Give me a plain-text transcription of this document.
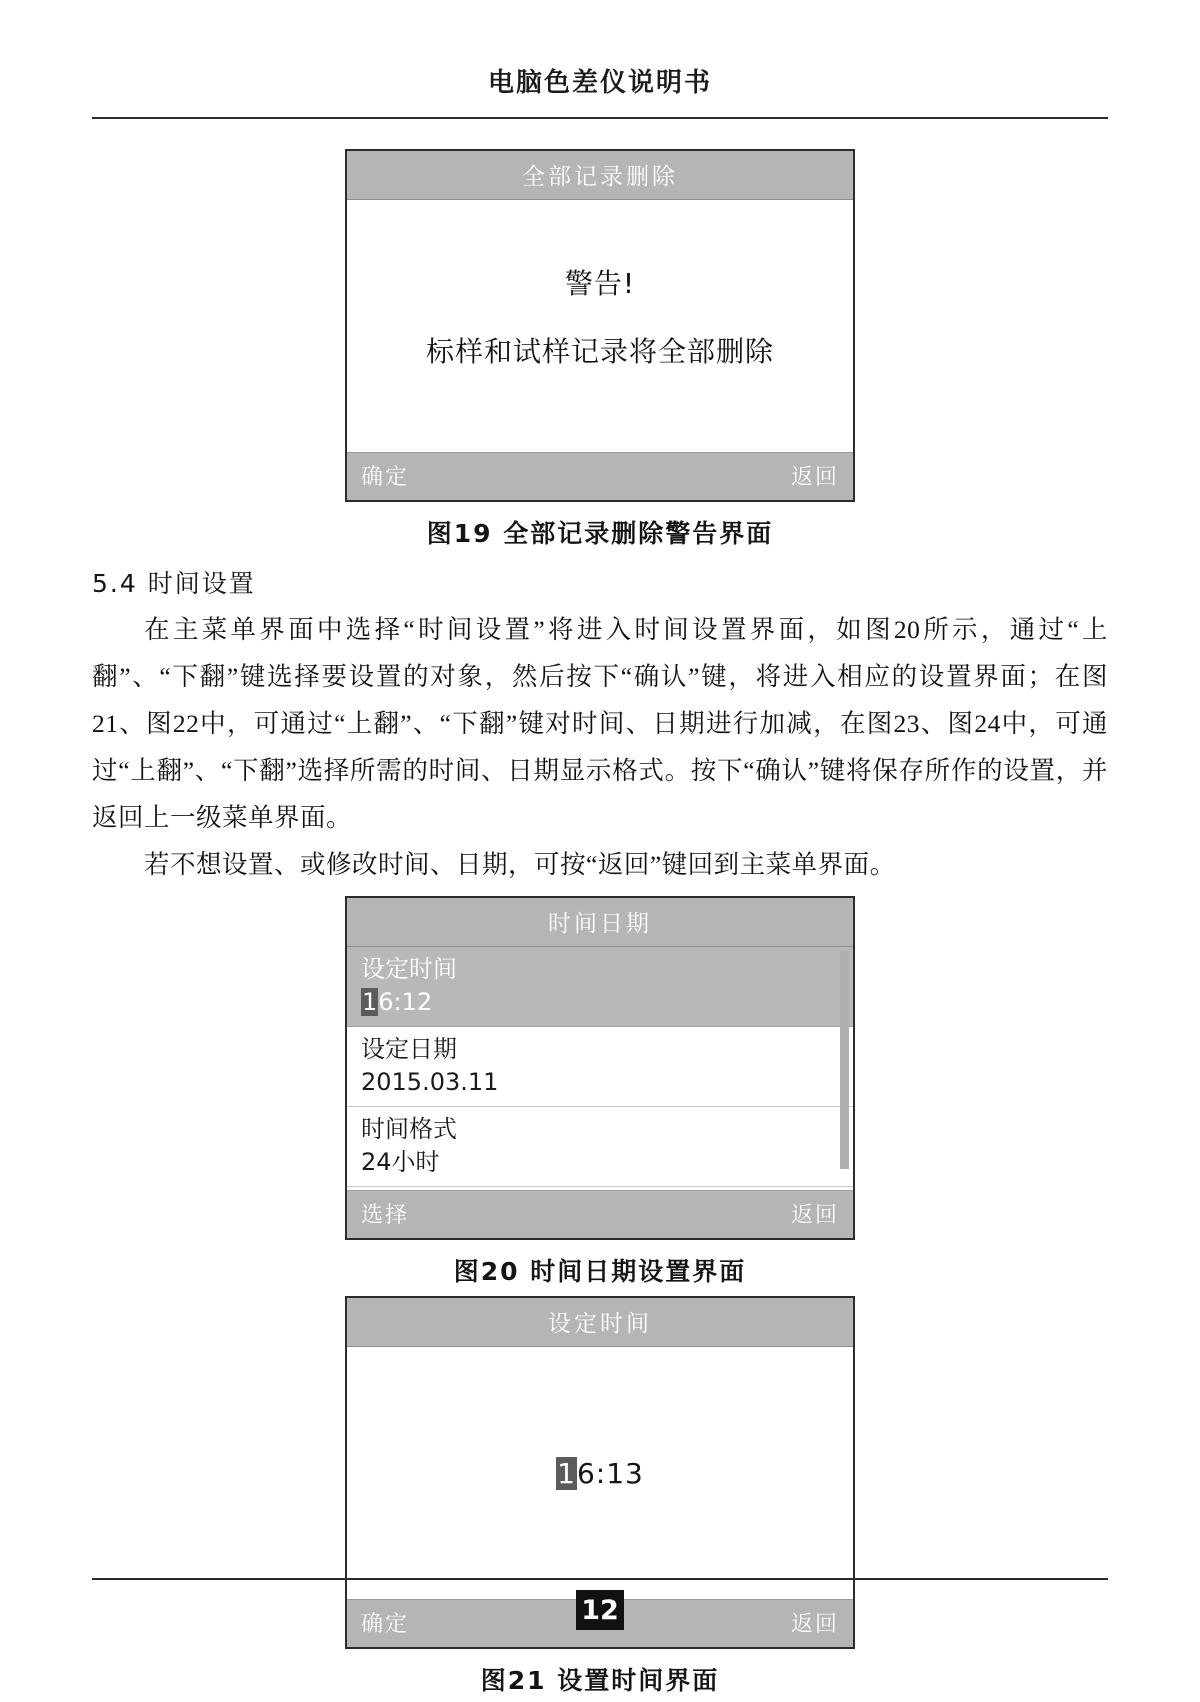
电脑色差仪说明书
全部记录删除
警告!
标样和试样记录将全部删除
确定	返回
图19 全部记录删除警告界面
5.4 时间设置

在主菜单界面中选择“时间设置”将进入时间设置界面，如图20所示，通过“上翻”、“下翻”键选择要设置的对象，然后按下“确认”键，将进入相应的设置界面；在图21、图22中，可通过“上翻”、“下翻”键对时间、日期进行加减，在图23、图24中，可通过“上翻”、“下翻”选择所需的时间、日期显示格式。按下“确认”键将保存所作的设置，并返回上一级菜单界面。

若不想设置、或修改时间、日期，可按“返回”键回到主菜单界面。

时间日期
设定时间
16:12
设定日期
2015.03.11
时间格式
24小时
选择	返回
图20 时间日期设置界面
设定时间
16:13
确定	返回
图21 设置时间界面
12
